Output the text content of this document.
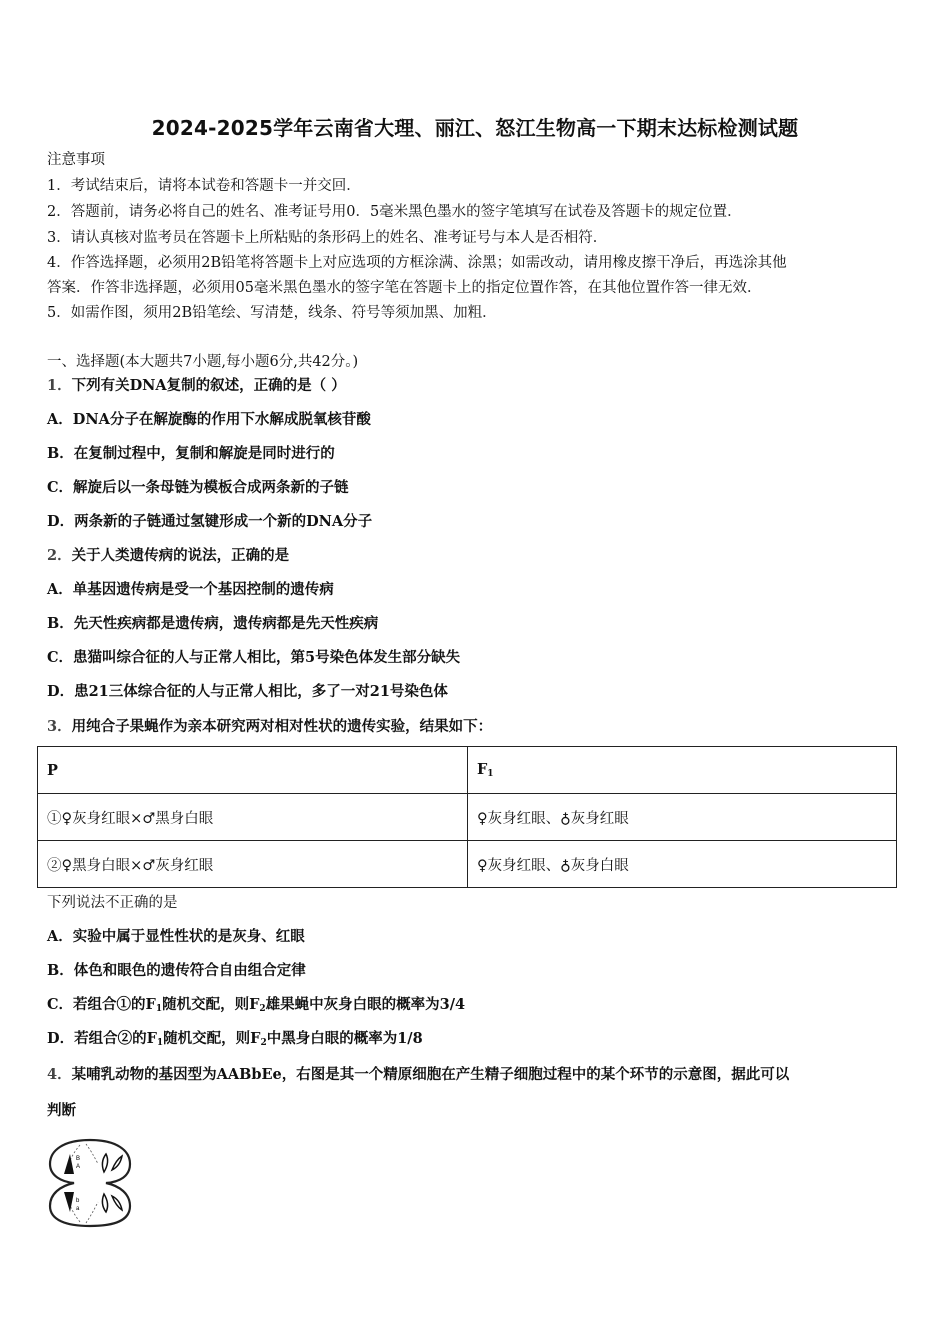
2024-2025学年云南省大理、丽江、怒江生物高一下期末达标检测试题
注意事项
1．考试结束后，请将本试卷和答题卡一并交回．
2．答题前，请务必将自己的姓名、准考证号用0．5毫米黑色墨水的签字笔填写在试卷及答题卡的规定位置．
3．请认真核对监考员在答题卡上所粘贴的条形码上的姓名、准考证号与本人是否相符．
4．作答选择题，必须用2B铅笔将答题卡上对应选项的方框涂满、涂黑；如需改动，请用橡皮擦干净后，再选涂其他
答案．作答非选择题，必须用05毫米黑色墨水的签字笔在答题卡上的指定位置作答，在其他位置作答一律无效．
5．如需作图，须用2B铅笔绘、写清楚，线条、符号等须加黑、加粗．
一、选择题(本大题共7小题,每小题6分,共42分。)
1．下列有关DNA复制的叙述，正确的是（ ）
A．DNA分子在解旋酶的作用下水解成脱氧核苷酸
B．在复制过程中，复制和解旋是同时进行的
C．解旋后以一条母链为模板合成两条新的子链
D．两条新的子链通过氢键形成一个新的DNA分子
2．关于人类遗传病的说法，正确的是
A．单基因遗传病是受一个基因控制的遗传病
B．先天性疾病都是遗传病，遗传病都是先天性疾病
C．患猫叫综合征的人与正常人相比，第5号染色体发生部分缺失
D．患21三体综合征的人与正常人相比，多了一对21号染色体
3．用纯合子果蝇作为亲本研究两对相对性状的遗传实验，结果如下：
P	$F_1$
①♀灰身红眼×♂黑身白眼	♀灰身红眼、♁灰身红眼
②♀黑身白眼×♂灰身红眼	♀灰身红眼、♁灰身白眼
下列说法不正确的是
A．实验中属于显性性状的是灰身、红眼
B．体色和眼色的遗传符合自由组合定律
C．若组合①的$F_1$随机交配，则$F_2$雄果蝇中灰身白眼的概率为3/4
D．若组合②的$F_1$随机交配，则$F_2$中黑身白眼的概率为1/8
4．某哺乳动物的基因型为AABbEe，右图是其一个精原细胞在产生精子细胞过程中的某个环节的示意图，据此可以
判断
B
A
b
a
